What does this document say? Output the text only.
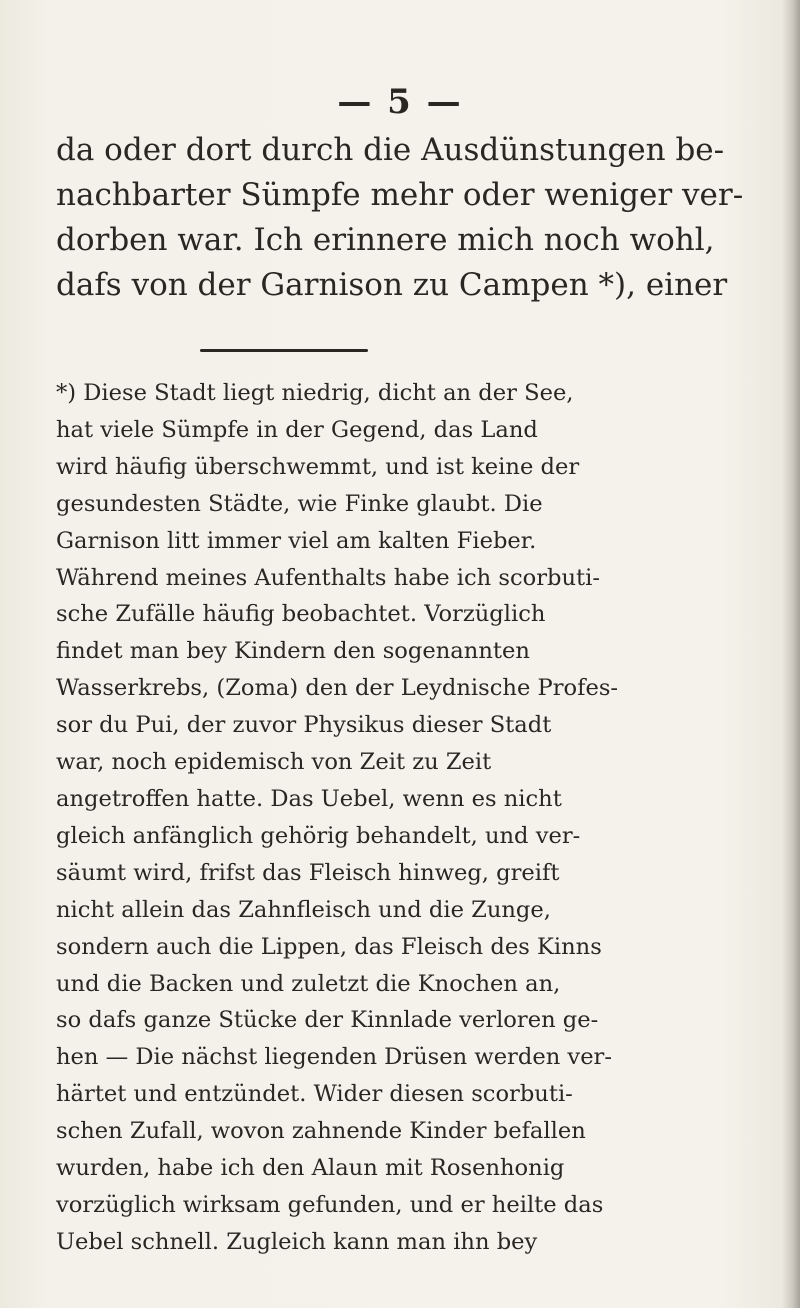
— 5 —
da oder dort durch die Ausdünstungen be-
nachbarter Sümpfe mehr oder weniger ver-
dorben war. Ich erinnere mich noch wohl,
dafs von der Garnison zu Campen *), einer
*) Diese Stadt liegt niedrig, dicht an der See,
hat viele Sümpfe in der Gegend, das Land
wird häufig überschwemmt, und ist keine der
gesundesten Städte, wie Finke glaubt. Die
Garnison litt immer viel am kalten Fieber.
Während meines Aufenthalts habe ich scorbuti-
sche Zufälle häufig beobachtet. Vorzüglich
findet man bey Kindern den sogenannten
Wasserkrebs, (Zoma) den der Leydnische Profes-
sor du Pui, der zuvor Physikus dieser Stadt
war, noch epidemisch von Zeit zu Zeit
angetroffen hatte. Das Uebel, wenn es nicht
gleich anfänglich gehörig behandelt, und ver-
säumt wird, frifst das Fleisch hinweg, greift
nicht allein das Zahnfleisch und die Zunge,
sondern auch die Lippen, das Fleisch des Kinns
und die Backen und zuletzt die Knochen an,
so dafs ganze Stücke der Kinnlade verloren ge-
hen — Die nächst liegenden Drüsen werden ver-
härtet und entzündet. Wider diesen scorbuti-
schen Zufall, wovon zahnende Kinder befallen
wurden, habe ich den Alaun mit Rosenhonig
vorzüglich wirksam gefunden, und er heilte das
Uebel schnell. Zugleich kann man ihn bey
